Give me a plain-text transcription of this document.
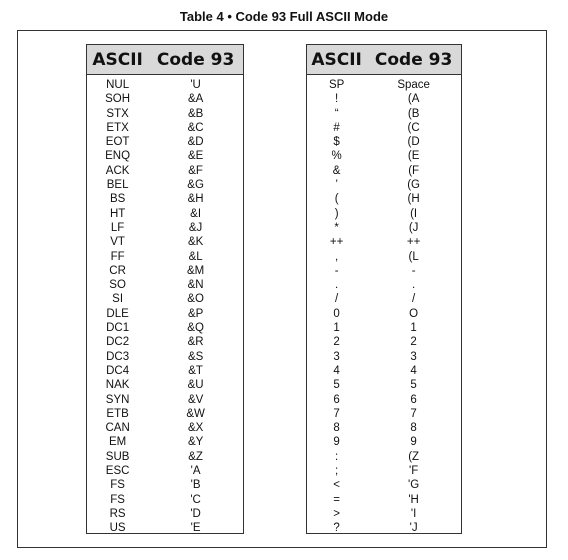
Table 4 • Code 93 Full ASCII Mode
ASCII Code 93
NUL	'U
SOH	&A
STX	&B
ETX	&C
EOT	&D
ENQ	&E
ACK	&F
BEL	&G
BS	&H
HT	&I
LF	&J
VT	&K
FF	&L
CR	&M
SO	&N
SI	&O
DLE	&P
DC1	&Q
DC2	&R
DC3	&S
DC4	&T
NAK	&U
SYN	&V
ETB	&W
CAN	&X
EM	&Y
SUB	&Z
ESC	'A
FS	'B
FS	'C
RS	'D
US	'E
ASCII Code 93
SP	Space
!	(A
“	(B
#	(C
$	(D
%	(E
&	(F
’	(G
(	(H
)	(I
*	(J
++	++
,	(L
-	-
.	.
/	/
0	O
1	1
2	2
3	3
4	4
5	5
6	6
7	7
8	8
9	9
:	(Z
;	'F
<	'G
=	'H
>	'I
?	'J
